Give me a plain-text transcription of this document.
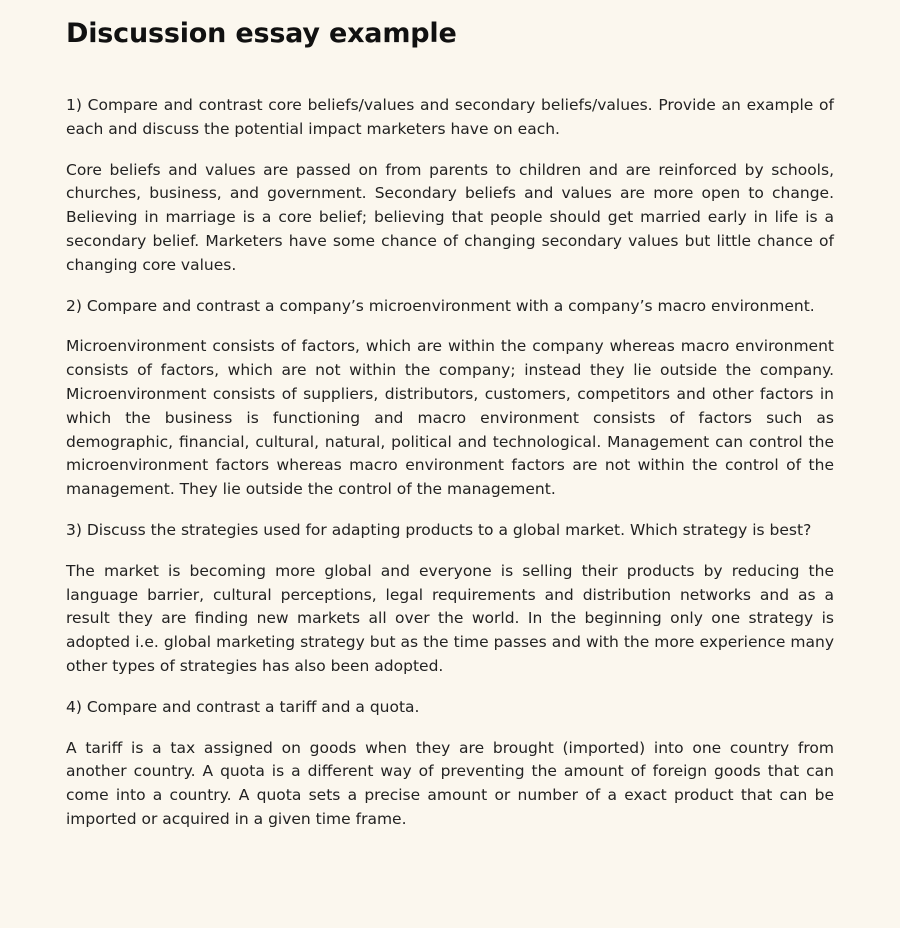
Discussion essay example

1) Compare and contrast core beliefs/values and secondary beliefs/values. Provide an example of each and discuss the potential impact marketers have on each.

Core beliefs and values are passed on from parents to children and are reinforced by schools, churches, business, and government. Secondary beliefs and values are more open to change. Believing in marriage is a core belief; believing that people should get married early in life is a secondary belief. Marketers have some chance of changing secondary values but little chance of changing core values.

2) Compare and contrast a company’s microenvironment with a company’s macro environment.

Microenvironment consists of factors, which are within the company whereas macro environment consists of factors, which are not within the company; instead they lie outside the company. Microenvironment consists of suppliers, distributors, customers, competitors and other factors in which the business is functioning and macro environment consists of factors such as demographic, financial, cultural, natural, political and technological. Management can control the microenvironment factors whereas macro environment factors are not within the control of the management. They lie outside the control of the management.

3) Discuss the strategies used for adapting products to a global market. Which strategy is best?

The market is becoming more global and everyone is selling their products by reducing the language barrier, cultural perceptions, legal requirements and distribution networks and as a result they are finding new markets all over the world. In the beginning only one strategy is adopted i.e. global marketing strategy but as the time passes and with the more experience many other types of strategies has also been adopted.

4) Compare and contrast a tariff and a quota.

A tariff is a tax assigned on goods when they are brought (imported) into one country from another country. A quota is a different way of preventing the amount of foreign goods that can come into a country. A quota sets a precise amount or number of a exact product that can be imported or acquired in a given time frame.
